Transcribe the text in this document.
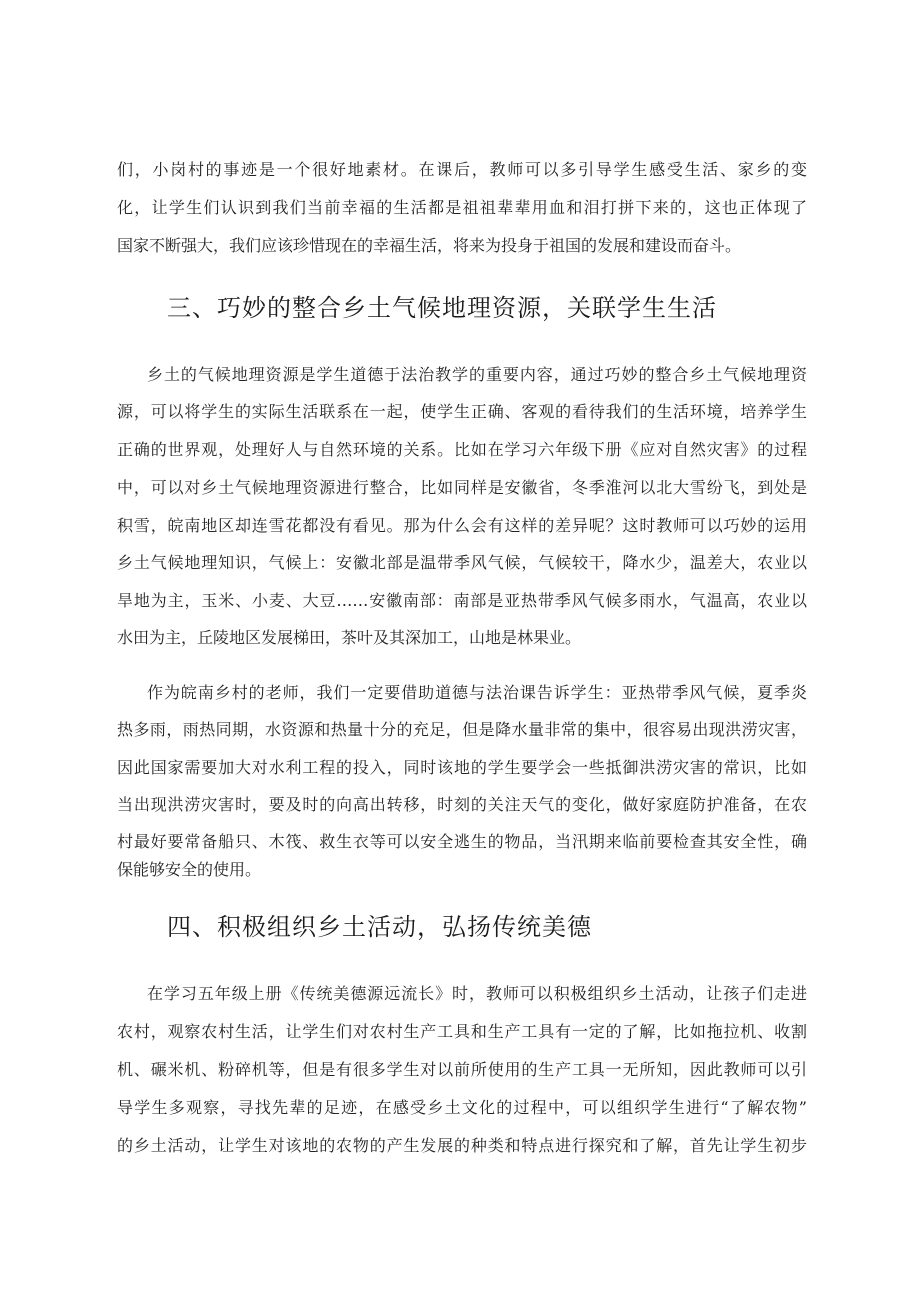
们，小岗村的事迹是一个很好地素材。在课后，教师可以多引导学生感受生活、家乡的变
化，让学生们认识到我们当前幸福的生活都是祖祖辈辈用血和泪打拼下来的，这也正体现了
国家不断强大，我们应该珍惜现在的幸福生活，将来为投身于祖国的发展和建设而奋斗。
三、巧妙的整合乡土气候地理资源，关联学生生活
乡土的气候地理资源是学生道德于法治教学的重要内容，通过巧妙的整合乡土气候地理资
源，可以将学生的实际生活联系在一起，使学生正确、客观的看待我们的生活环境，培养学生
正确的世界观，处理好人与自然环境的关系。比如在学习六年级下册《应对自然灾害》的过程
中，可以对乡土气候地理资源进行整合，比如同样是安徽省，冬季淮河以北大雪纷飞，到处是
积雪，皖南地区却连雪花都没有看见。那为什么会有这样的差异呢？这时教师可以巧妙的运用
乡土气候地理知识，气候上：安徽北部是温带季风气候，气候较干，降水少，温差大，农业以
旱地为主，玉米、小麦、大豆……安徽南部：南部是亚热带季风气候多雨水，气温高，农业以
水田为主，丘陵地区发展梯田，茶叶及其深加工，山地是林果业。
作为皖南乡村的老师，我们一定要借助道德与法治课告诉学生：亚热带季风气候，夏季炎
热多雨，雨热同期，水资源和热量十分的充足，但是降水量非常的集中，很容易出现洪涝灾害，
因此国家需要加大对水利工程的投入，同时该地的学生要学会一些抵御洪涝灾害的常识，比如
当出现洪涝灾害时，要及时的向高出转移，时刻的关注天气的变化，做好家庭防护准备，在农
村最好要常备船只、木筏、救生衣等可以安全逃生的物品，当汛期来临前要检查其安全性，确
保能够安全的使用。
四、积极组织乡土活动，弘扬传统美德
在学习五年级上册《传统美德源远流长》时，教师可以积极组织乡土活动，让孩子们走进
农村，观察农村生活，让学生们对农村生产工具和生产工具有一定的了解，比如拖拉机、收割
机、碾米机、粉碎机等，但是有很多学生对以前所使用的生产工具一无所知，因此教师可以引
导学生多观察，寻找先辈的足迹，在感受乡土文化的过程中，可以组织学生进行“了解农物”
的乡土活动，让学生对该地的农物的产生发展的种类和特点进行探究和了解，首先让学生初步
